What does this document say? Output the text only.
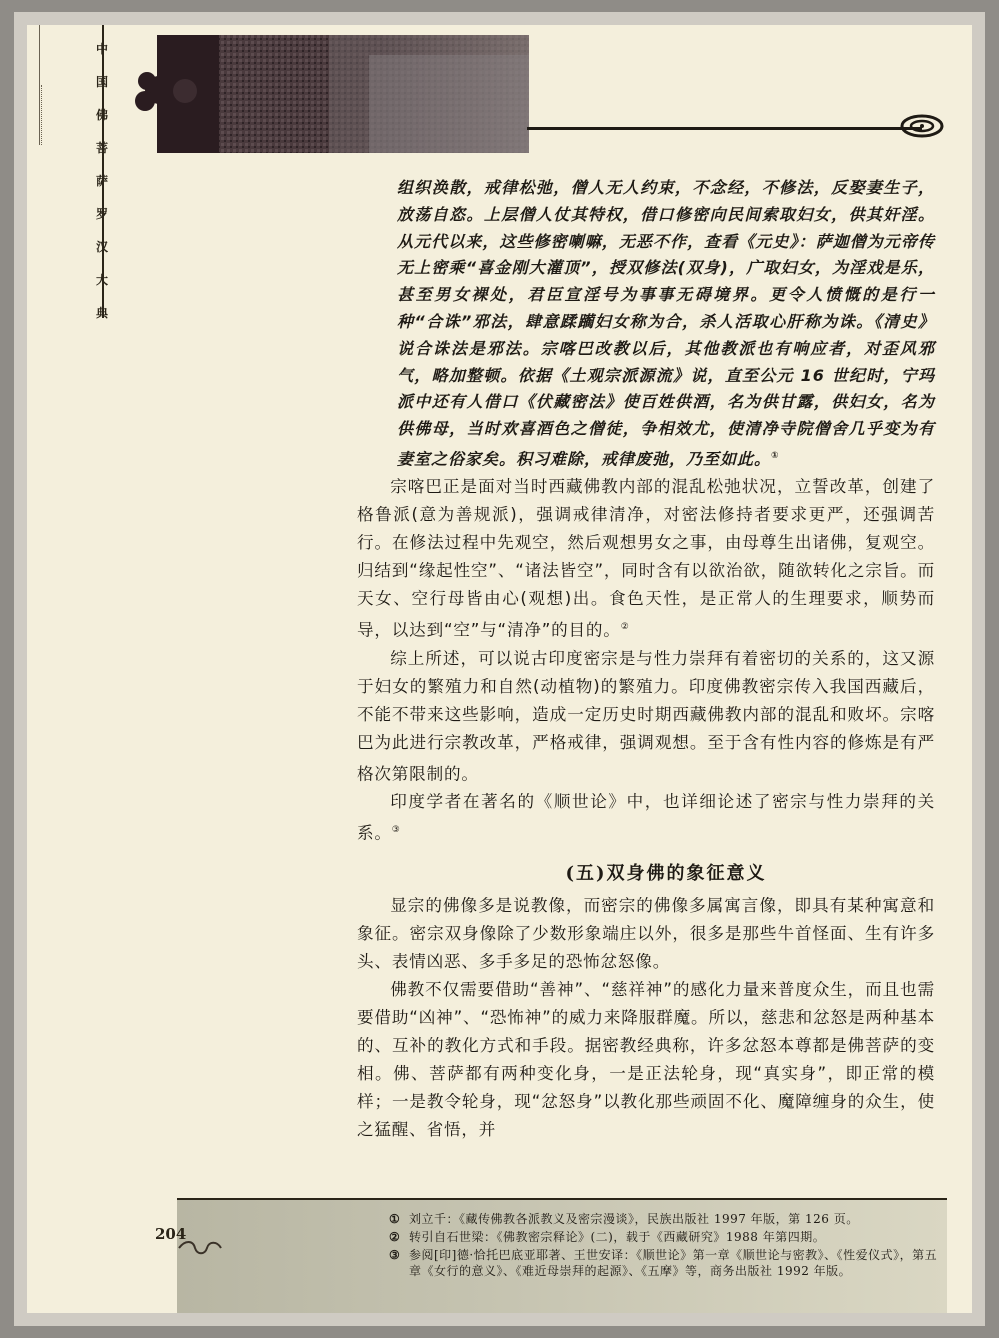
中
国
佛
菩
萨
罗
汉
大
典

组织涣散，戒律松弛，僧人无人约束，不念经，不修法，反娶妻生子，放荡自恣。上层僧人仗其特权，借口修密向民间索取妇女，供其奸淫。从元代以来，这些修密喇嘛，无恶不作，查看《元史》：萨迦僧为元帝传无上密乘“喜金刚大灌顶”，授双修法(双身)，广取妇女，为淫戏是乐，甚至男女裸处，君臣宣淫号为事事无碍境界。更令人愤慨的是行一种“合诛”邪法，肆意蹂躏妇女称为合，杀人活取心肝称为诛。《清史》说合诛法是邪法。宗喀巴改教以后，其他教派也有响应者，对歪风邪气，略加整顿。依据《土观宗派源流》说，直至公元 16 世纪时，宁玛派中还有人借口《伏藏密法》使百姓供酒，名为供甘露，供妇女，名为供佛母，当时欢喜酒色之僧徒，争相效尤，使清净寺院僧舍几乎变为有妻室之俗家矣。积习难除，戒律废弛，乃至如此。①

宗喀巴正是面对当时西藏佛教内部的混乱松弛状况，立誓改革，创建了格鲁派(意为善规派)，强调戒律清净，对密法修持者要求更严，还强调苦行。在修法过程中先观空，然后观想男女之事，由母尊生出诸佛，复观空。归结到“缘起性空”、“诸法皆空”，同时含有以欲治欲，随欲转化之宗旨。而天女、空行母皆由心(观想)出。食色天性，是正常人的生理要求，顺势而导，以达到“空”与“清净”的目的。②

综上所述，可以说古印度密宗是与性力崇拜有着密切的关系的，这又源于妇女的繁殖力和自然(动植物)的繁殖力。印度佛教密宗传入我国西藏后，不能不带来这些影响，造成一定历史时期西藏佛教内部的混乱和败坏。宗喀巴为此进行宗教改革，严格戒律，强调观想。至于含有性内容的修炼是有严格次第限制的。

印度学者在著名的《顺世论》中，也详细论述了密宗与性力崇拜的关系。③

(五)双身佛的象征意义

显宗的佛像多是说教像，而密宗的佛像多属寓言像，即具有某种寓意和象征。密宗双身像除了少数形象端庄以外，很多是那些牛首怪面、生有许多头、表情凶恶、多手多足的恐怖忿怒像。

佛教不仅需要借助“善神”、“慈祥神”的感化力量来普度众生，而且也需要借助“凶神”、“恐怖神”的威力来降服群魔。所以，慈悲和忿怒是两种基本的、互补的教化方式和手段。据密教经典称，许多忿怒本尊都是佛菩萨的变相。佛、菩萨都有两种变化身，一是正法轮身，现“真实身”，即正常的模样；一是教令轮身，现“忿怒身”以教化那些顽固不化、魔障缠身的众生，使之猛醒、省悟，并

204
① 刘立千：《藏传佛教各派教义及密宗漫谈》，民族出版社 1997 年版，第 126 页。
② 转引自石世梁：《佛教密宗释论》(二)，载于《西藏研究》1988 年第四期。
③ 参阅[印]德·恰托巴底亚耶著、王世安译：《顺世论》第一章《顺世论与密教》、《性爱仪式》，第五章《女行的意义》、《难近母崇拜的起源》、《五摩》等，商务出版社 1992 年版。
